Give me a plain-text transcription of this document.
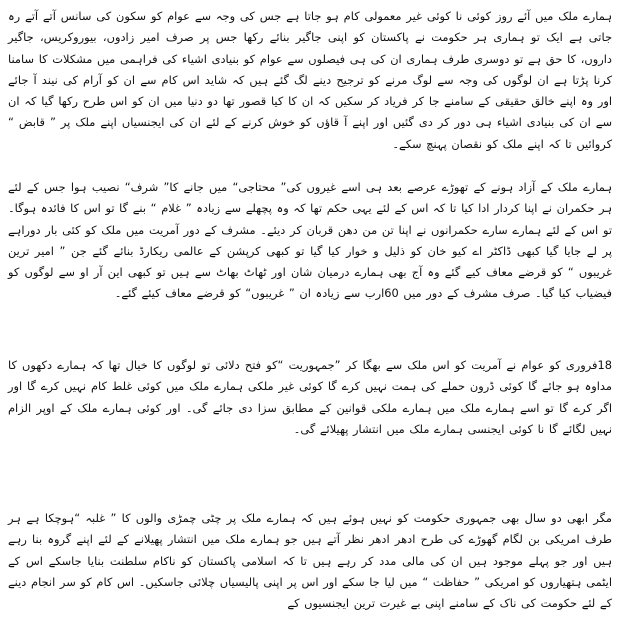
ہمارے ملک میں آئے روز کوئی نا کوئی غیر معمولی کام ہو جاتا ہے جس کی وجہ سے عوام کو سکون کی سانس آتے آتے رہ جاتی ہے ایک تو ہماری ہر حکومت نے پاکستان کو اپنی جاگیر بنائے رکھا جس پر صرف امیر زادوں، بیوروکریس، جاگیر داروں، کا حق ہے تو دوسری طرف ہماری ان کی ہی فیصلوں سے عوام کو بنیادی اشیاء کی فراہمی میں مشکلات کا سامنا کرنا پڑتا ہے ان لوگوں کی وجہ سے لوگ مرنے کو ترجیح دینے لگ گئے ہیں کہ شاید اس کام سے ان کو آرام کی نیند آ جائے اور وہ اپنے خالق حقیقی کے سامنے جا کر فریاد کر سکیں کہ ان کا کیا قصور تھا دو دنیا میں ان کو اس طرح رکھا گیا کہ ان سے ان کی بنیادی اشیاء ہی دور کر دی گئیں اور اپنے آ قاؤں کو خوش کرنے کے لئے ان کی ایجنسیاں اپنے ملک پر ” قابض “ کروائیں تا کہ اپنے ملک کو نقصان پہنچ سکے۔

ہمارے ملک کے آزاد ہونے کے تھوڑے عرصے بعد ہی اسے غیروں کی” محتاجی“ میں جانے کا” شرف“ نصیب ہوا جس کے لئے ہر حکمران نے اپنا کردار ادا کیا تا کہ اس کے لئے یہی حکم تھا کہ وہ پچھلے سے زیادہ ” غلام “ بنے گا تو اس کا فائدہ ہوگا۔ تو اس کے لئے ہمارے سارے حکمرانوں نے اپنا تن من دھن قربان کر دیئے۔ مشرف کے دور آمریت میں ملک کو کئی بار دوراہے پر لے جایا گیا کبھی ڈاکٹر اے کیو خان کو ذلیل و خوار کیا گیا تو کبھی کرپشن کے عالمی ریکارڈ بنائے گئے جن ” امیر ترین غریبوں “ کو قرضے معاف کیے گئے وہ آج بھی ہمارے درمیان شان اور ٹھاٹ بھاٹ سے ہیں تو کبھی این آر او سے لوگوں کو فیضیاب کیا گیا۔ صرف مشرف کے دور میں 60ارب سے زیادہ ان ” غریبوں“ کو قرضے معاف کیئے گئے۔

18فروری کو عوام نے آمریت کو اس ملک سے بھگا کر ”جمہوریت “کو فتح دلائی تو لوگوں کا خیال تھا کہ ہمارے دکھوں کا مداوہ ہو جائے گا کوئی ڈرون حملے کی ہمت نہیں کرے گا کوئی غیر ملکی ہمارے ملک میں کوئی غلط کام نہیں کرے گا اور اگر کرے گا تو اسے ہمارے ملک میں ہمارے ملکی قوانین کے مطابق سزا دی جائے گی۔ اور کوئی ہمارے ملک کے اوپر الزام نہیں لگائے گا نا کوئی ایجنسی ہمارے ملک میں انتشار پھیلائے گی۔

مگر ابھی دو سال بھی جمہوری حکومت کو نہیں ہوئے ہیں کہ ہمارے ملک پر چٹی چمڑی والوں کا ” غلبہ “ہوچکا ہے ہر طرف امریکی بن لگام گھوڑے کی طرح ادھر ادھر نظر آتے ہیں جو ہمارے ملک میں انتشار پھیلانے کے لئے اپنے گروہ بنا رہے ہیں اور جو پہلے موجود ہیں ان کی مالی مدد کر رہے ہیں تا کہ اسلامی پاکستان کو ناکام سلطنت بنایا جاسکے اس کے ایٹمی ہتھیاروں کو امریکی ” حفاظت “ میں لیا جا سکے اور اس پر اپنی پالیسیاں چلائی جاسکیں۔ اس کام کو سر انجام دینے کے لئے حکومت کی ناک کے سامنے اپنی بے غیرت ترین ایجنسیوں کے
